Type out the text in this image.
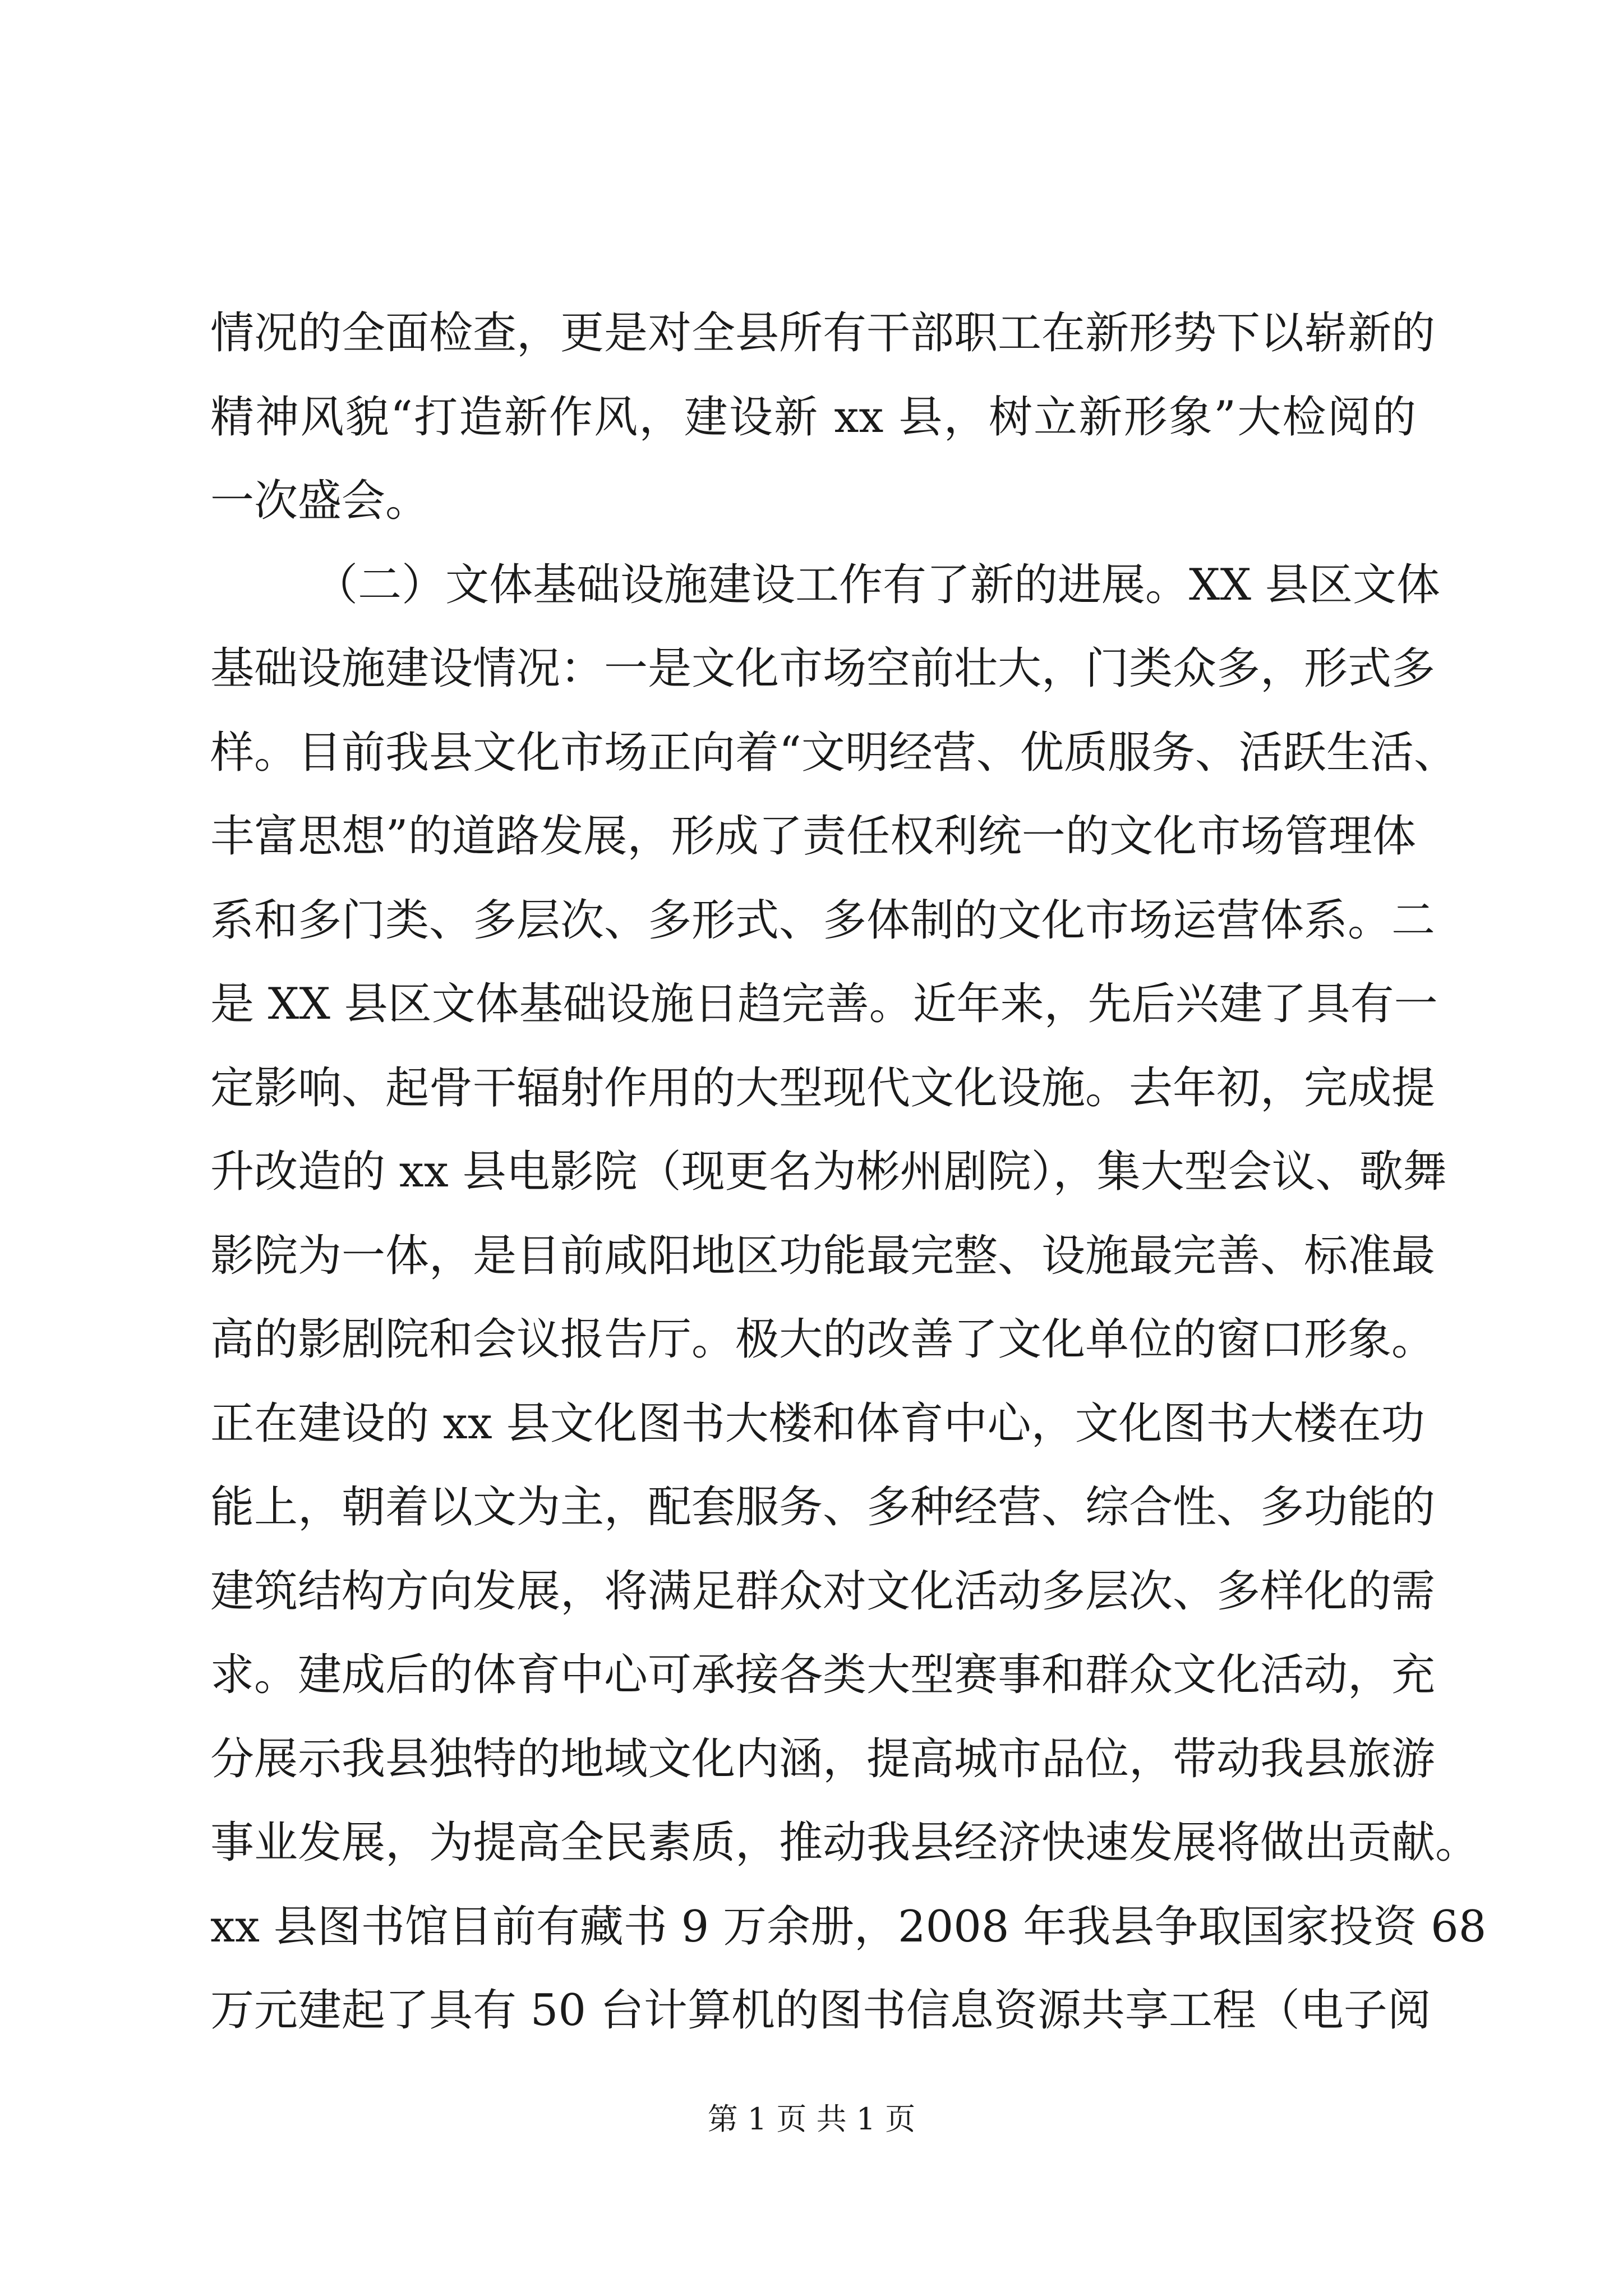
情况的全面检查，更是对全县所有干部职工在新形势下以崭新的
精神风貌“打造新作风，建设新 xx 县，树立新形象”大检阅的
一次盛会。
（二）文体基础设施建设工作有了新的进展。XX 县区文体
基础设施建设情况：一是文化市场空前壮大，门类众多，形式多
样。目前我县文化市场正向着“文明经营、优质服务、活跃生活、
丰富思想”的道路发展，形成了责任权利统一的文化市场管理体
系和多门类、多层次、多形式、多体制的文化市场运营体系。二
是 XX 县区文体基础设施日趋完善。近年来，先后兴建了具有一
定影响、起骨干辐射作用的大型现代文化设施。去年初，完成提
升改造的 xx 县电影院（现更名为彬州剧院），集大型会议、歌舞
影院为一体，是目前咸阳地区功能最完整、设施最完善、标准最
高的影剧院和会议报告厅。极大的改善了文化单位的窗口形象。
正在建设的 xx 县文化图书大楼和体育中心，文化图书大楼在功
能上，朝着以文为主，配套服务、多种经营、综合性、多功能的
建筑结构方向发展，将满足群众对文化活动多层次、多样化的需
求。建成后的体育中心可承接各类大型赛事和群众文化活动，充
分展示我县独特的地域文化内涵，提高城市品位，带动我县旅游
事业发展，为提高全民素质，推动我县经济快速发展将做出贡献。
xx 县图书馆目前有藏书 9 万余册，2008 年我县争取国家投资 68
万元建起了具有 50 台计算机的图书信息资源共享工程（电子阅
第 1 页 共 1 页
